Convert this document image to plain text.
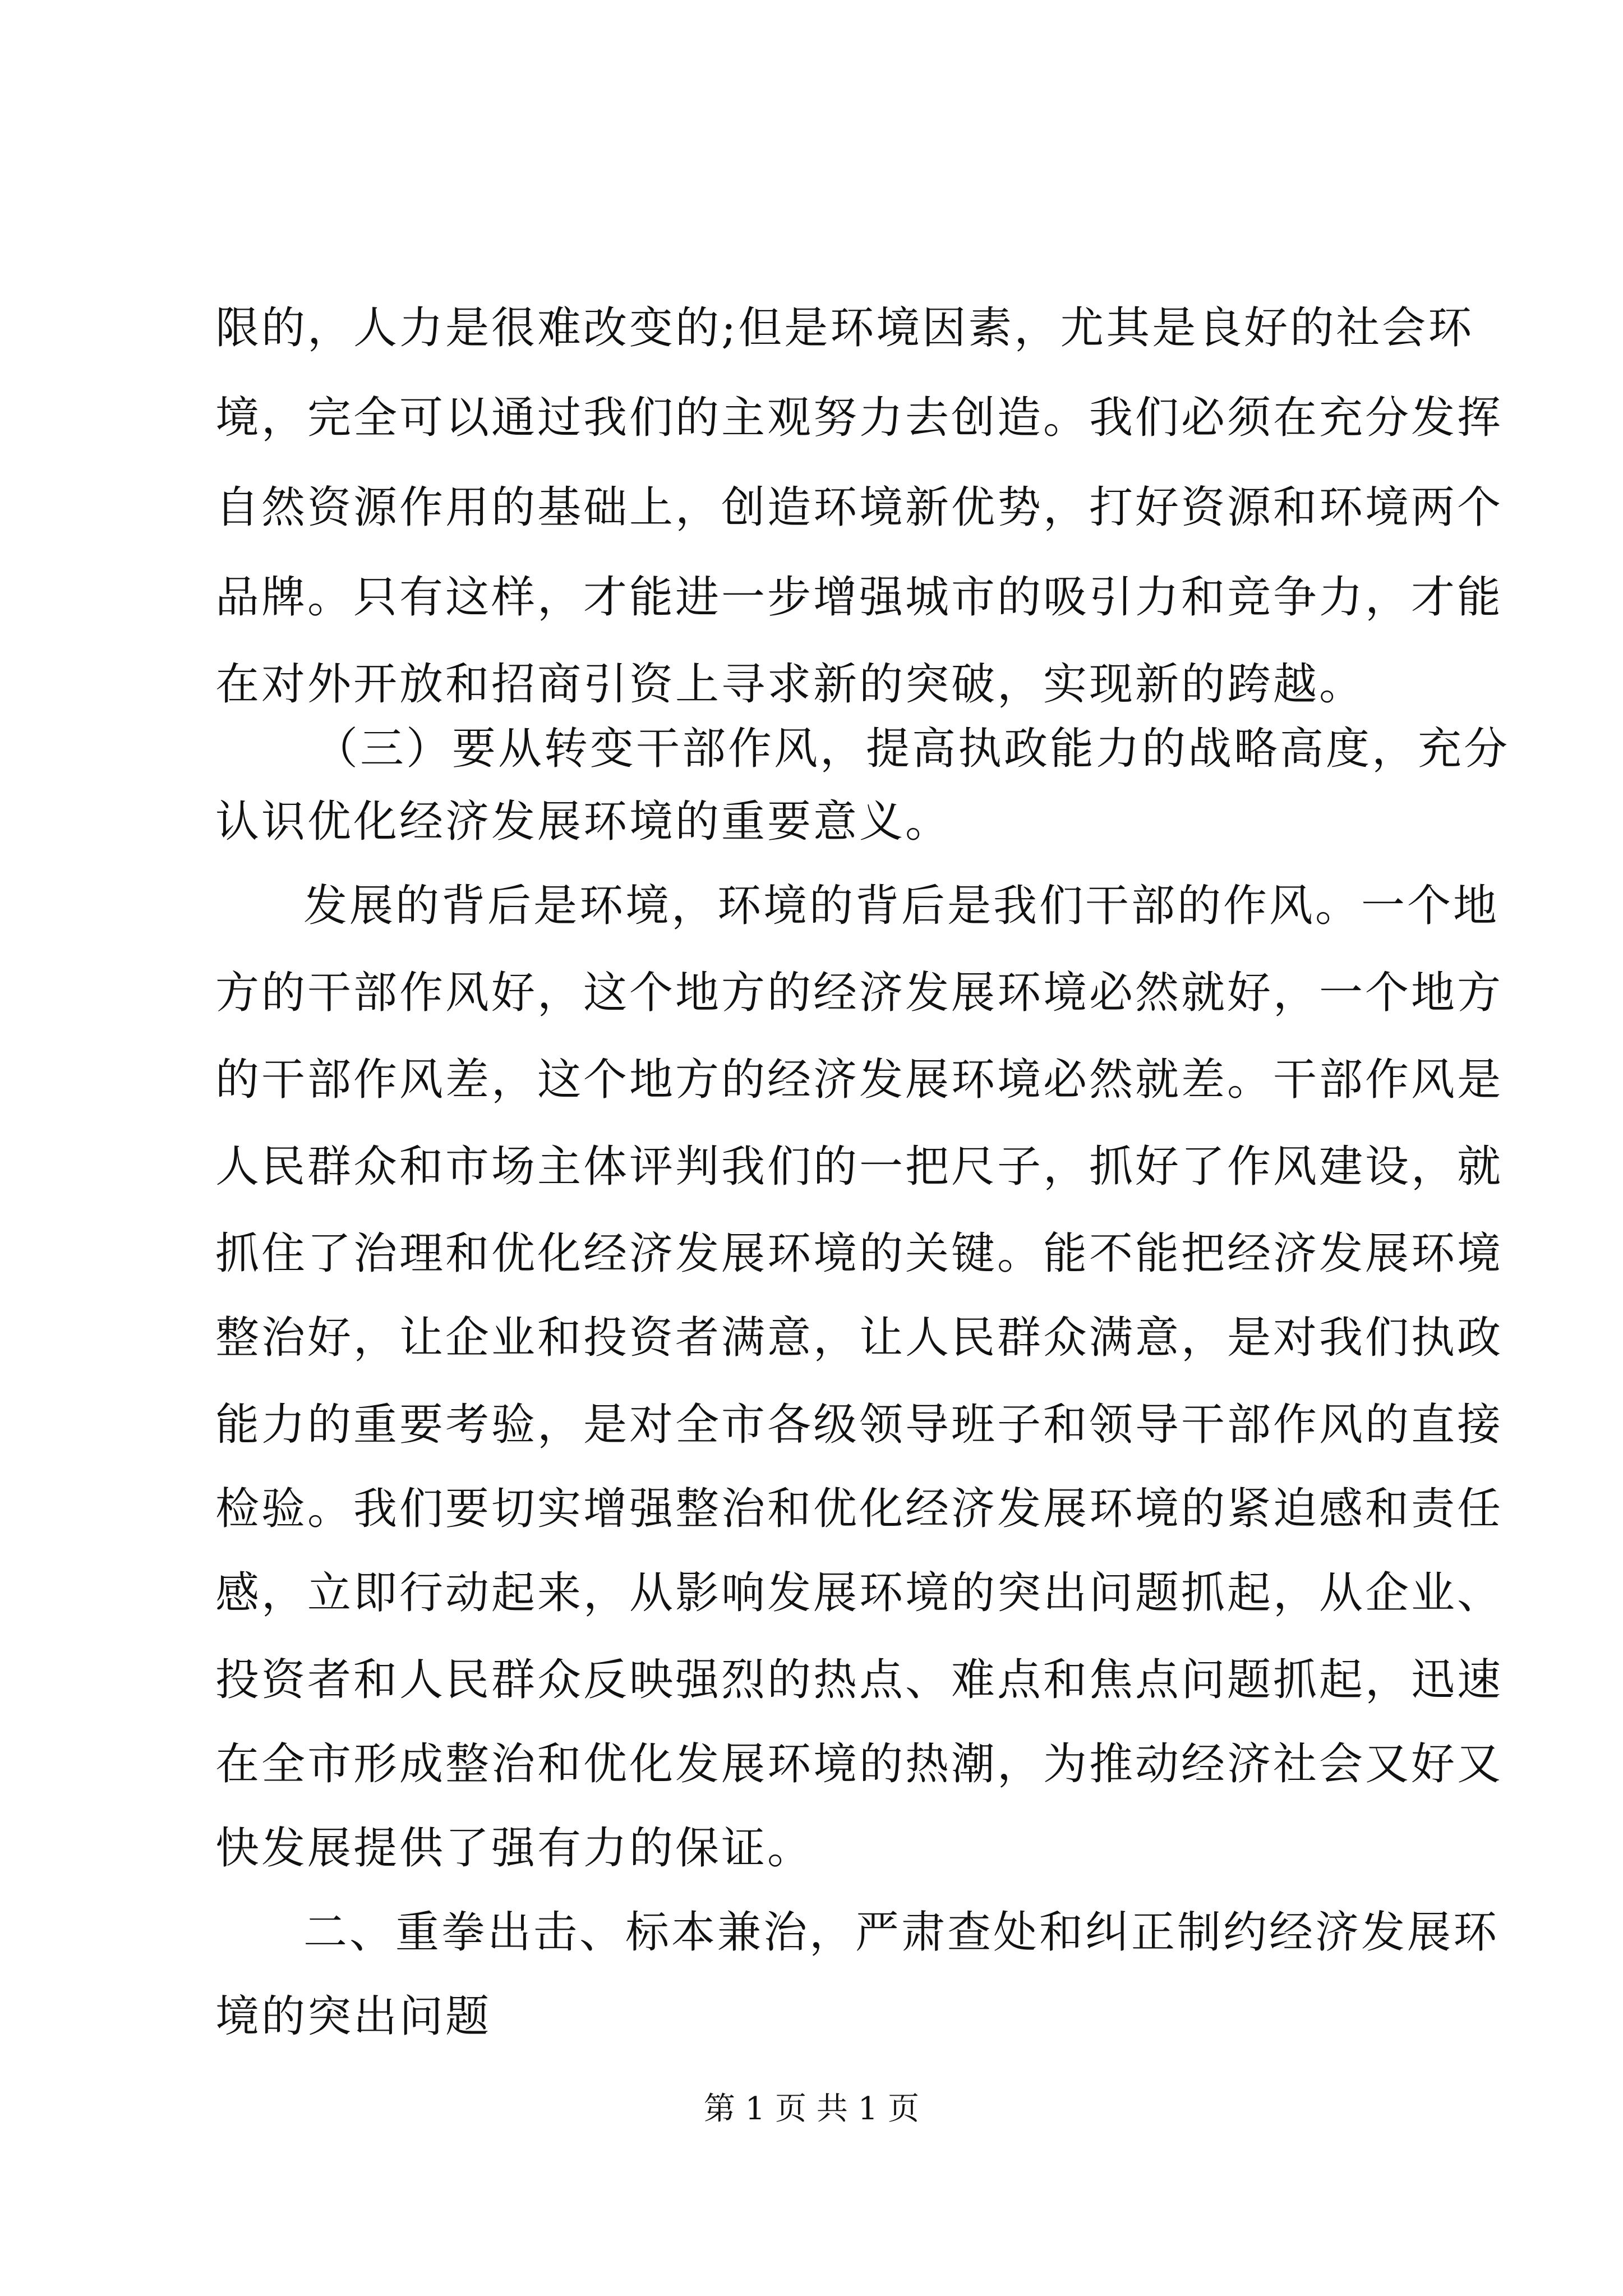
限的，人力是很难改变的;但是环境因素，尤其是良好的社会环
境，完全可以通过我们的主观努力去创造。我们必须在充分发挥
自然资源作用的基础上，创造环境新优势，打好资源和环境两个
品牌。只有这样，才能进一步增强城市的吸引力和竞争力，才能
在对外开放和招商引资上寻求新的突破，实现新的跨越。
（三）要从转变干部作风，提高执政能力的战略高度，充分
认识优化经济发展环境的重要意义。
发展的背后是环境，环境的背后是我们干部的作风。一个地
方的干部作风好，这个地方的经济发展环境必然就好，一个地方
的干部作风差，这个地方的经济发展环境必然就差。干部作风是
人民群众和市场主体评判我们的一把尺子，抓好了作风建设，就
抓住了治理和优化经济发展环境的关键。能不能把经济发展环境
整治好，让企业和投资者满意，让人民群众满意，是对我们执政
能力的重要考验，是对全市各级领导班子和领导干部作风的直接
检验。我们要切实增强整治和优化经济发展环境的紧迫感和责任
感，立即行动起来，从影响发展环境的突出问题抓起，从企业、
投资者和人民群众反映强烈的热点、难点和焦点问题抓起，迅速
在全市形成整治和优化发展环境的热潮，为推动经济社会又好又
快发展提供了强有力的保证。
二、重拳出击、标本兼治，严肃查处和纠正制约经济发展环
境的突出问题
第 1 页 共 1 页
